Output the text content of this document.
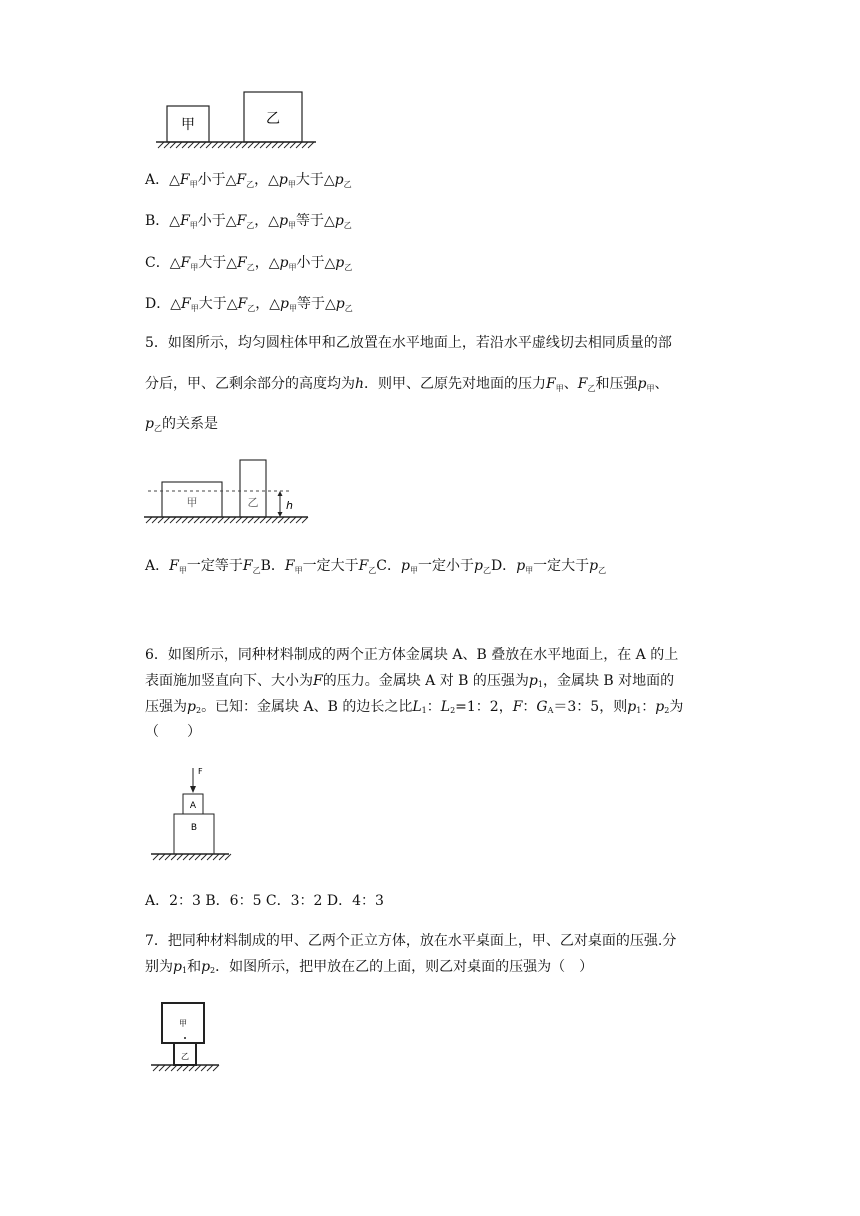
甲	乙
A．$\triangle F_甲$小于$\triangle F_乙$，$\triangle p_甲$大于$\triangle p_乙$
B．$\triangle F_甲$小于$\triangle F_乙$，$\triangle p_甲$等于$\triangle p_乙$
C．$\triangle F_甲$大于$\triangle F_乙$，$\triangle p_甲$小于$\triangle p_乙$
D．$\triangle F_甲$大于$\triangle F_乙$，$\triangle p_甲$等于$\triangle p_乙$
5．如图所示，均匀圆柱体甲和乙放置在水平地面上，若沿水平虚线切去相同质量的部
分后，甲、乙剩余部分的高度均为h．则甲、乙原先对地面的压力$F_甲$、$F_乙$和压强$p_甲$、
$p_乙$的关系是
甲	乙	h
A．$F_甲$一定等于$F_乙B$．$F_甲$一定大于$F_乙C$．$p_甲$一定小于$p_乙D$．$p_甲$一定大于$p_乙$
6．如图所示，同种材料制成的两个正方体金属块 A、B 叠放在水平地面上，在 A 的上
表面施加竖直向下、大小为F的压力。金属块 A 对 B 的压强为$p_1$，金属块 B 对地面的
压强为$p_2$。已知：金属块 A、B 的边长之比$L_1$：$L_2=1$：2，F：$G_A=3$：5，则$p_1$：$p_2$为
（　　）
F
A
B
A．2：3 B．6：5 C．3：2 D．4：3
7．把同种材料制成的甲、乙两个正立方体，放在水平桌面上，甲、乙对桌面的压强.分
别为$p_1$和$p_2$．如图所示，把甲放在乙的上面，则乙对桌面的压强为（　）
甲
乙
